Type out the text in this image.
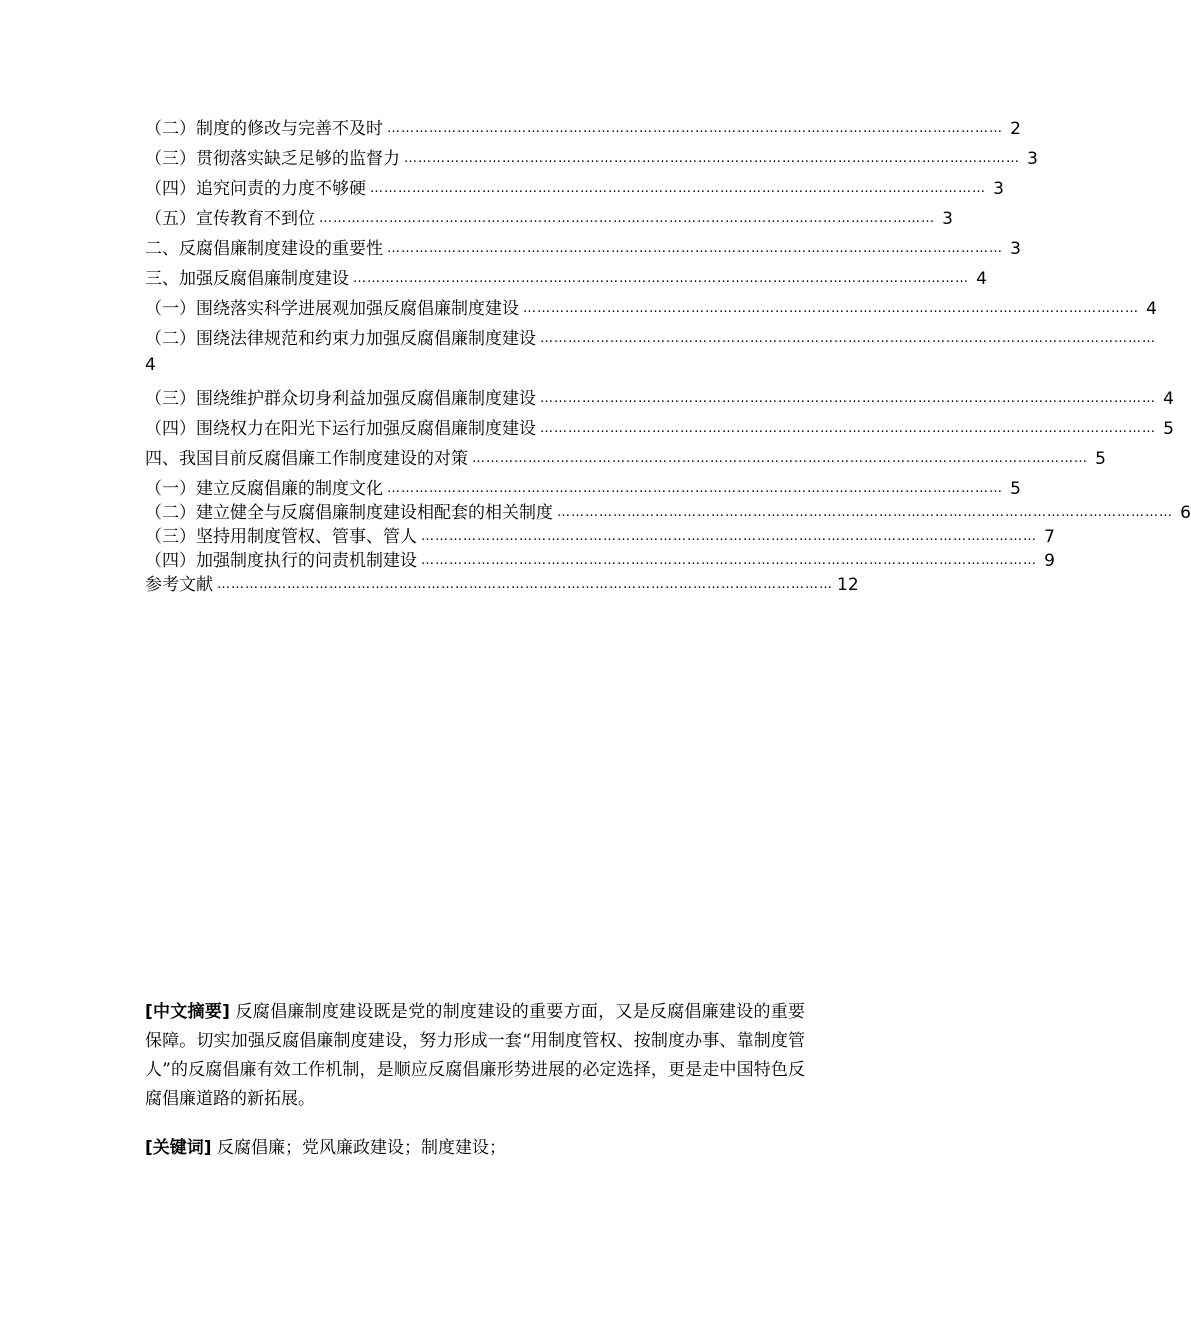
（二）制度的修改与完善不及时 …………………………………………………………………………………………………………………… 2
（三）贯彻落实缺乏足够的监督力 …………………………………………………………………………………………………………………… 3
（四）追究问责的力度不够硬 …………………………………………………………………………………………………………………… 3
（五）宣传教育不到位 …………………………………………………………………………………………………………………… 3
二、反腐倡廉制度建设的重要性 …………………………………………………………………………………………………………………… 3
三、加强反腐倡廉制度建设 …………………………………………………………………………………………………………………… 4
（一）围绕落实科学进展观加强反腐倡廉制度建设 …………………………………………………………………………………………………………………… 4
（二）围绕法律规范和约束力加强反腐倡廉制度建设 ……………………………………………………………………………………………………………………
4
（三）围绕维护群众切身利益加强反腐倡廉制度建设 …………………………………………………………………………………………………………………… 4
（四）围绕权力在阳光下运行加强反腐倡廉制度建设 …………………………………………………………………………………………………………………… 5
四、我国目前反腐倡廉工作制度建设的对策 …………………………………………………………………………………………………………………… 5
（一）建立反腐倡廉的制度文化 …………………………………………………………………………………………………………………… 5
（二）建立健全与反腐倡廉制度建设相配套的相关制度 …………………………………………………………………………………………………………………… 6
（三）坚持用制度管权、管事、管人 …………………………………………………………………………………………………………………… 7
（四）加强制度执行的问责机制建设 …………………………………………………………………………………………………………………… 9
参考文献 …………………………………………………………………………………………………………………… 12
[中文摘要] 反腐倡廉制度建设既是党的制度建设的重要方面，又是反腐倡廉建设的重要保障。切实加强反腐倡廉制度建设，努力形成一套“用制度管权、按制度办事、靠制度管人”的反腐倡廉有效工作机制，是顺应反腐倡廉形势进展的必定选择，更是走中国特色反腐倡廉道路的新拓展。
[关键词] 反腐倡廉；党风廉政建设；制度建设；
